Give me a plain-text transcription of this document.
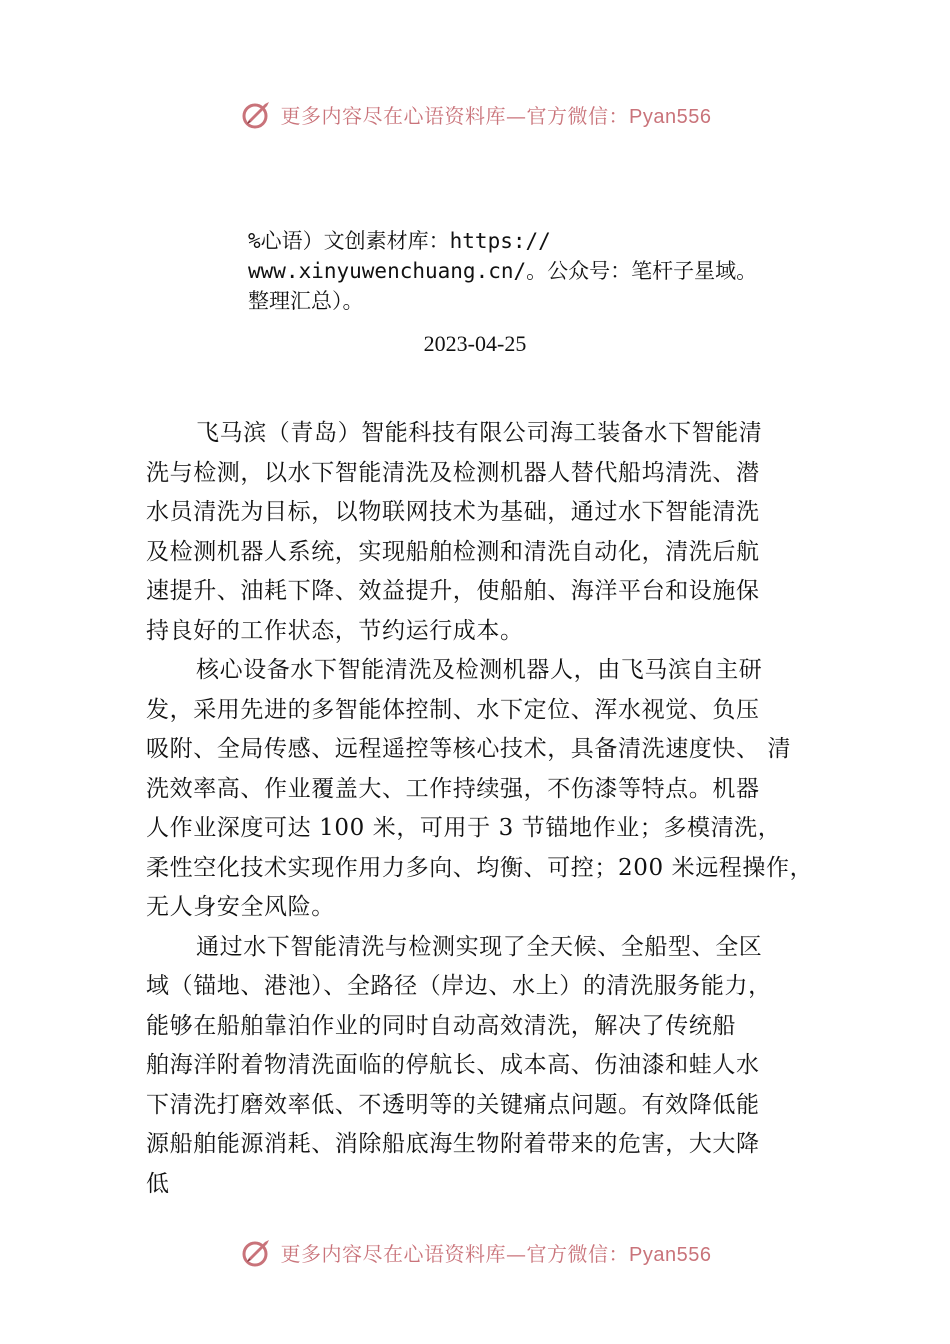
更多内容尽在心语资料库—官方微信：Pyan556
%心语）文创素材库：https://
www.xinyuwenchuang.cn/。公众号：笔杆子星域。
整理汇总）。
2023-04-25
飞马滨（青岛）智能科技有限公司海工装备水下智能清
洗与检测，以水下智能清洗及检测机器人替代船坞清洗、潜
水员清洗为目标，以物联网技术为基础，通过水下智能清洗
及检测机器人系统，实现船舶检测和清洗自动化，清洗后航
速提升、油耗下降、效益提升，使船舶、海洋平台和设施保
持良好的工作状态，节约运行成本。
核心设备水下智能清洗及检测机器人，由飞马滨自主研
发，采用先进的多智能体控制、水下定位、浑水视觉、负压
吸附、全局传感、远程遥控等核心技术，具备清洗速度快、 清
洗效率高、作业覆盖大、工作持续强，不伤漆等特点。机器
人作业深度可达 100 米，可用于 3 节锚地作业；多模清洗，
柔性空化技术实现作用力多向、均衡、可控；200 米远程操作，
无人身安全风险。
通过水下智能清洗与检测实现了全天候、全船型、全区
域（锚地、港池）、全路径（岸边、水上）的清洗服务能力，
能够在船舶靠泊作业的同时自动高效清洗，解决了传统船
舶海洋附着物清洗面临的停航长、成本高、伤油漆和蛙人水
下清洗打磨效率低、不透明等的关键痛点问题。有效降低能
源船舶能源消耗、消除船底海生物附着带来的危害，大大降
低
更多内容尽在心语资料库—官方微信：Pyan556
